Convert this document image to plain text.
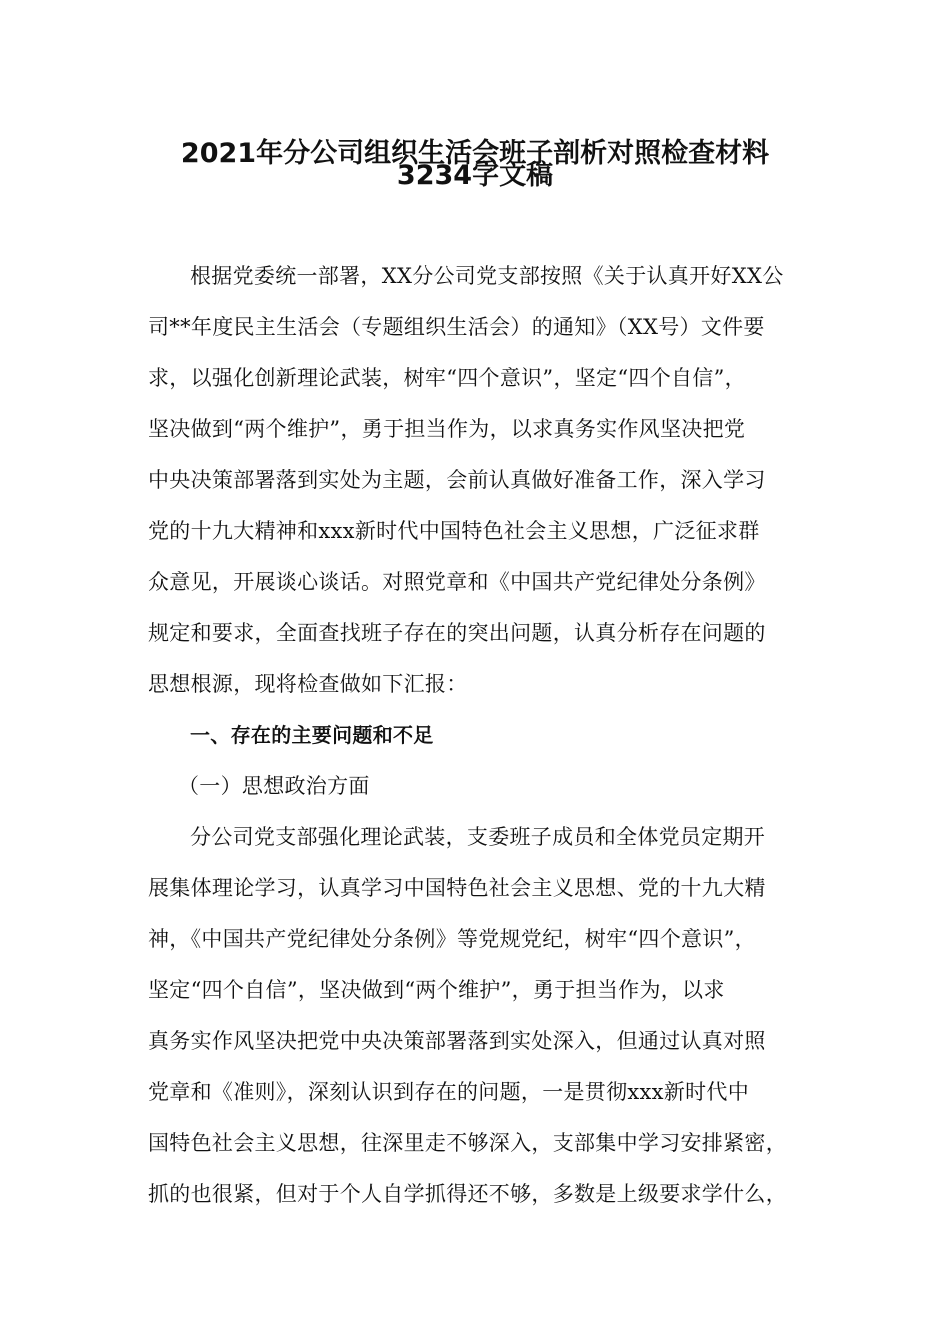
2021年分公司组织生活会班子剖析对照检查材料
3234字文稿
根据党委统一部署，XX分公司党支部按照《关于认真开好XX公
司**年度民主生活会（专题组织生活会）的通知》（XX号）文件要
求，以强化创新理论武装，树牢“四个意识”，坚定“四个自信”，
坚决做到“两个维护”，勇于担当作为，以求真务实作风坚决把党
中央决策部署落到实处为主题，会前认真做好准备工作，深入学习
党的十九大精神和xxx新时代中国特色社会主义思想，广泛征求群
众意见，开展谈心谈话。对照党章和《中国共产党纪律处分条例》
规定和要求，全面查找班子存在的突出问题，认真分析存在问题的
思想根源，现将检查做如下汇报：
一、存在的主要问题和不足
（一）思想政治方面
分公司党支部强化理论武装，支委班子成员和全体党员定期开
展集体理论学习，认真学习中国特色社会主义思想、党的十九大精
神，《中国共产党纪律处分条例》等党规党纪，树牢“四个意识”，
坚定“四个自信”，坚决做到“两个维护”，勇于担当作为，以求
真务实作风坚决把党中央决策部署落到实处深入，但通过认真对照
党章和《准则》，深刻认识到存在的问题，一是贯彻xxx新时代中
国特色社会主义思想，往深里走不够深入，支部集中学习安排紧密，
抓的也很紧，但对于个人自学抓得还不够，多数是上级要求学什么，
